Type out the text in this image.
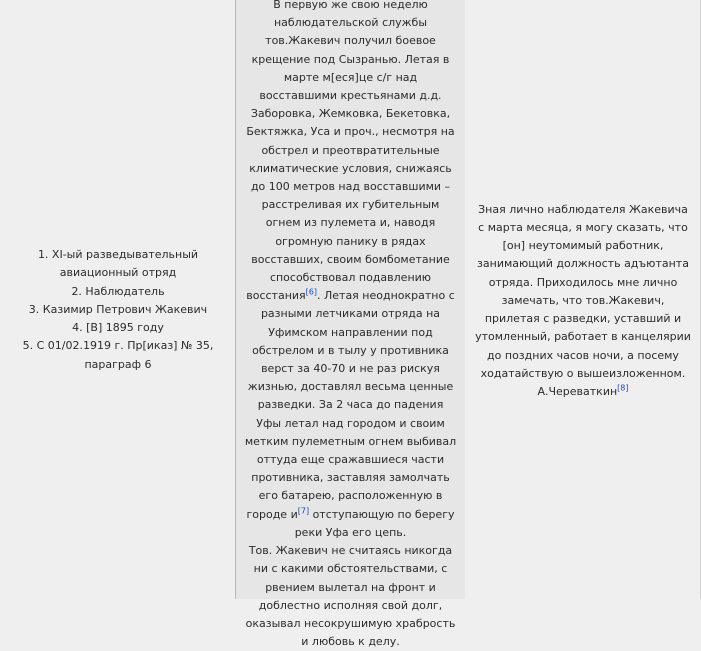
1. XI-ый разведывательный
авиационный отряд
2. Наблюдатель
3. Казимир Петрович Жакевич
4. [В] 1895 году
5. С 01/02.1919 г. Пр[иказ] № 35,
параграф 6
В первую же свою неделю наблюдательской службы тов.Жакевич получил боевое крещение под Сызранью. Летая в марте м[еся]це с/г над восставшими крестьянами д.д. Заборовка, Жемковка, Бекетовка, Бектяжка, Уса и проч., несмотря на обстрел и преотвратительные климатические условия, снижаясь до 100 метров над восставшими – расстреливая их губительным огнем из пулемета и, наводя огромную панику в рядах восставших, своим бомбометание способствовал подавлению восстания[6]. Летая неоднократно с разными летчиками отряда на Уфимском направлении под обстрелом и в тылу у противника верст за 40-70 и не раз рискуя жизнью, доставлял весьма ценные разведки. За 2 часа до падения Уфы летал над городом и своим метким пулеметным огнем выбивал оттуда еще сражавшиеся части противника, заставляя замолчать его батарею, расположенную в городе и[7] отступающую по берегу реки Уфа его цепь.
Тов. Жакевич не считаясь никогда ни с какими обстоятельствами, с рвением вылетал на фронт и доблестно исполняя свой долг, оказывал несокрушимую храбрость и любовь к делу.
Зная лично наблюдателя Жакевича с марта месяца, я могу сказать, что [он] неутомимый работник, занимающий должность адъютанта отряда. Приходилось мне лично замечать, что тов.Жакевич, прилетая с разведки, уставший и утомленный, работает в канцелярии до поздних часов ночи, а посему ходатайствую о вышеизложенном. А.Череваткин[8]
